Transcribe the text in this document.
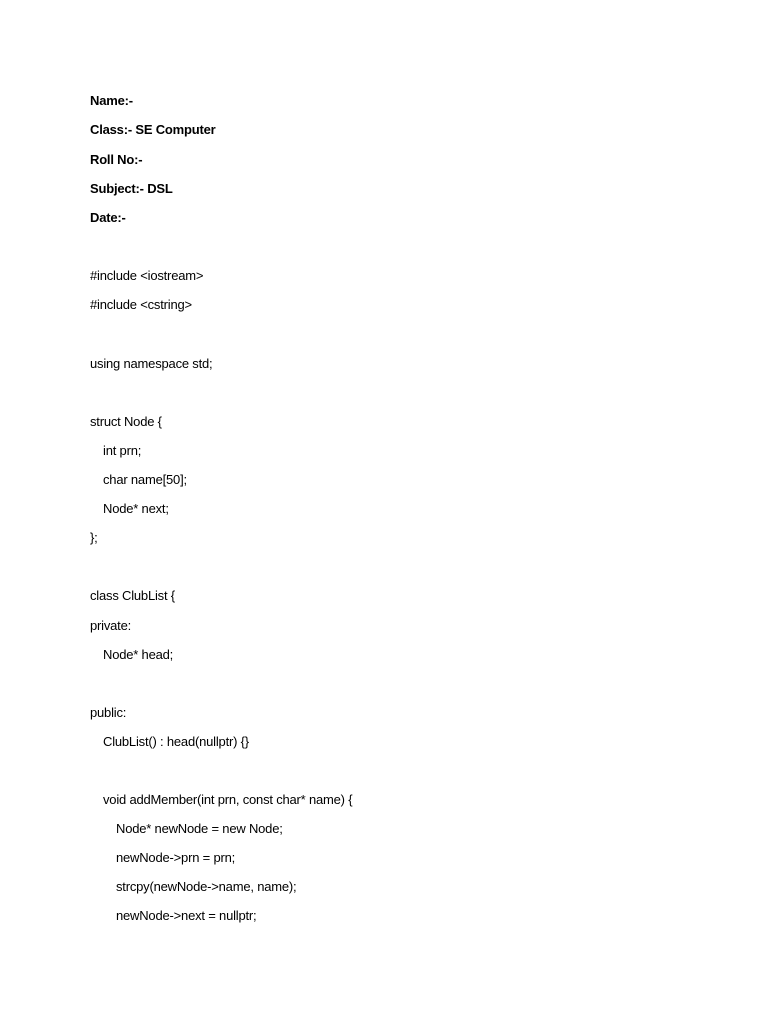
Name:-
Class:- SE Computer
Roll No:-
Subject:- DSL
Date:-
#include <iostream>
#include <cstring>
using namespace std;
struct Node {
int prn;
char name[50];
Node* next;
};
class ClubList {
private:
Node* head;
public:
ClubList() : head(nullptr) {}
void addMember(int prn, const char* name) {
Node* newNode = new Node;
newNode->prn = prn;
strcpy(newNode->name, name);
newNode->next = nullptr;
